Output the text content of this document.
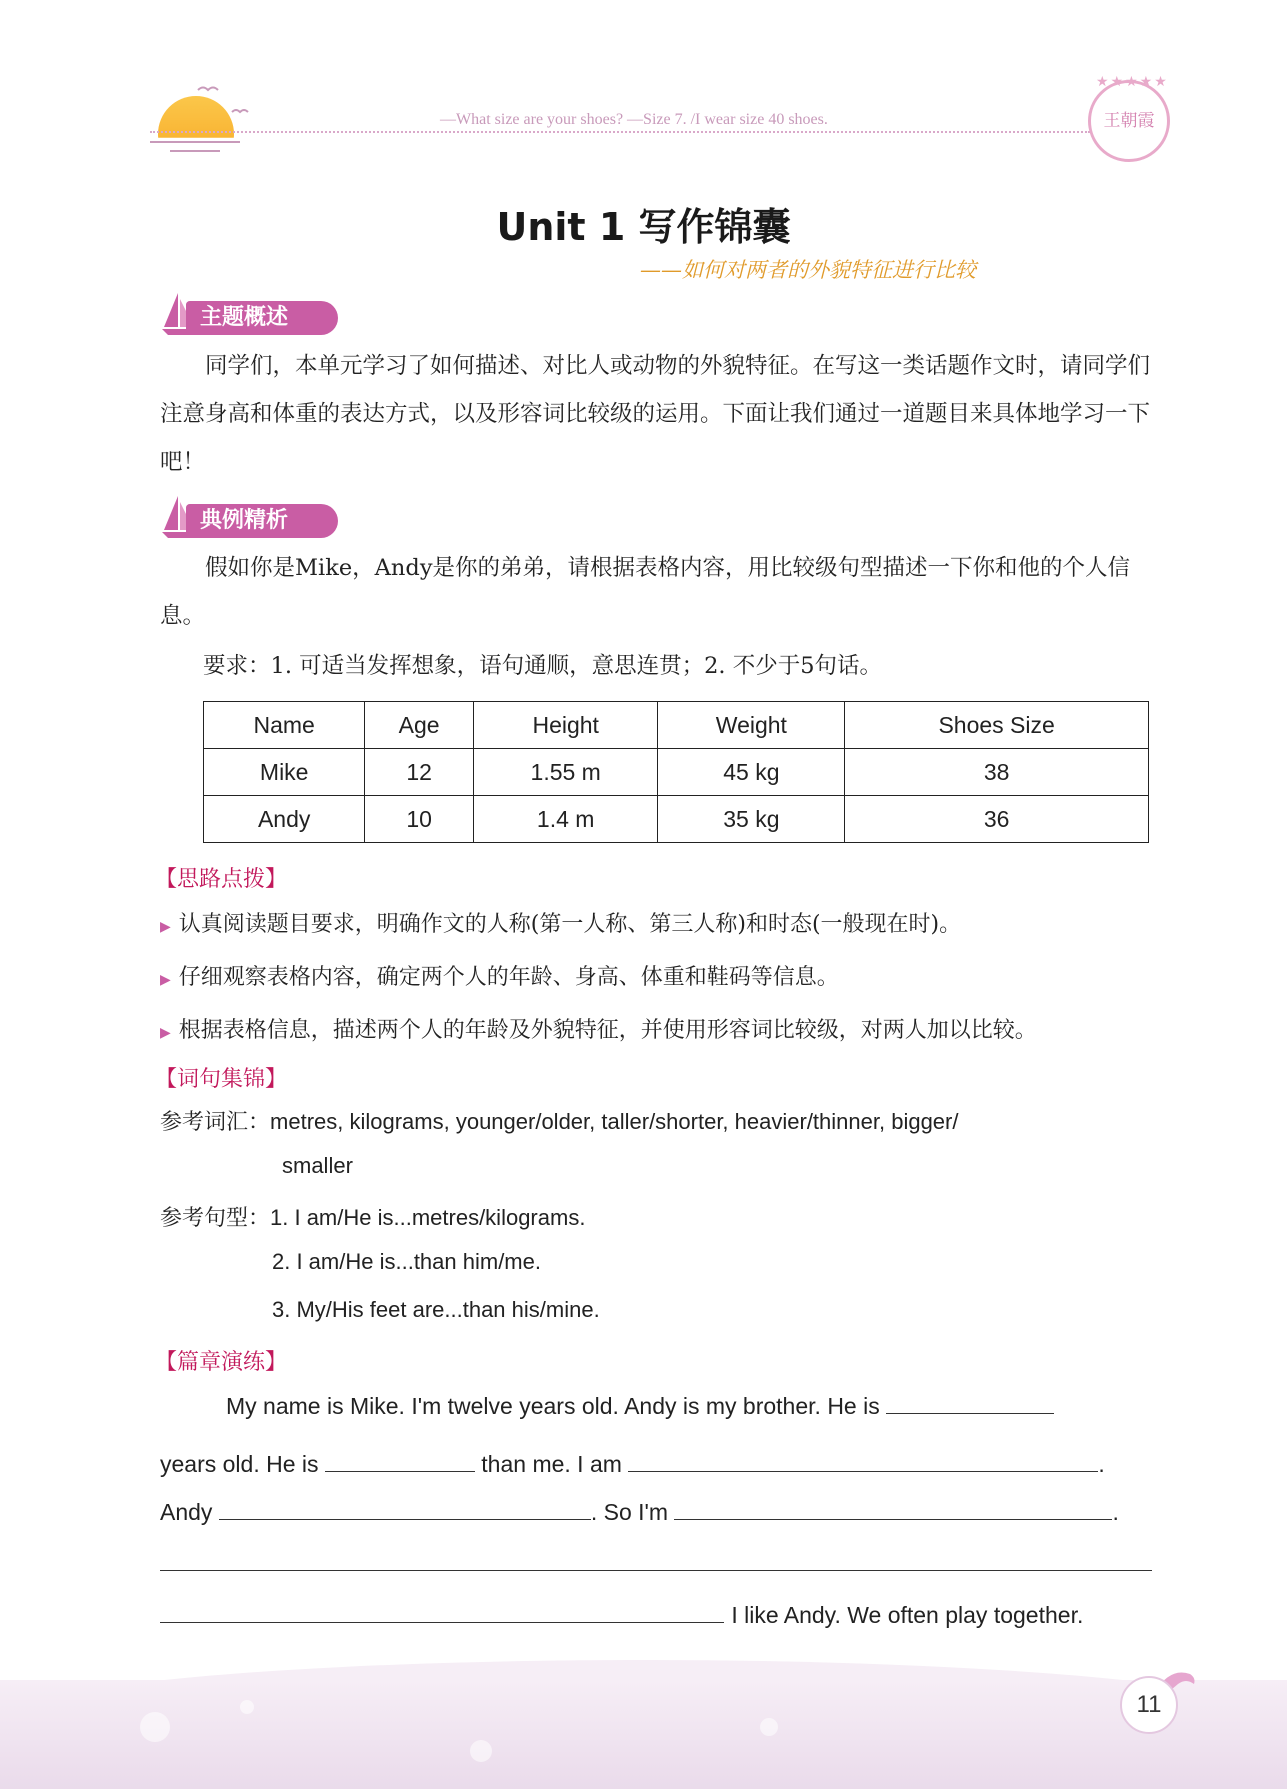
—What size are your shoes? —Size 7. /I wear size 40 shoes.
★★★★★
王朝霞
Unit 1 写作锦囊
——如何对两者的外貌特征进行比较
主题概述
同学们，本单元学习了如何描述、对比人或动物的外貌特征。在写这一类话题作文时，请同学们注意身高和体重的表达方式，以及形容词比较级的运用。下面让我们通过一道题目来具体地学习一下吧！
典例精析
假如你是Mike，Andy是你的弟弟，请根据表格内容，用比较级句型描述一下你和他的个人信息。
要求：1. 可适当发挥想象，语句通顺，意思连贯；2. 不少于5句话。
Name	Age	Height	Weight	Shoes Size
Mike	12	1.55 m	45 kg	38
Andy	10	1.4 m	35 kg	36
【思路点拨】
▶ 认真阅读题目要求，明确作文的人称(第一人称、第三人称)和时态(一般现在时)。
▶ 仔细观察表格内容，确定两个人的年龄、身高、体重和鞋码等信息。
▶ 根据表格信息，描述两个人的年龄及外貌特征，并使用形容词比较级，对两人加以比较。
【词句集锦】
参考词汇：metres, kilograms, younger/older, taller/shorter, heavier/thinner, bigger/
smaller
参考句型：1. I am/He is...metres/kilograms.
2. I am/He is...than him/me.
3. My/His feet are...than his/mine.
【篇章演练】
My name is Mike. I'm twelve years old. Andy is my brother. He is
years old. He is	than me. I am	.
Andy	. So I'm	.
I like Andy. We often play together.
11
